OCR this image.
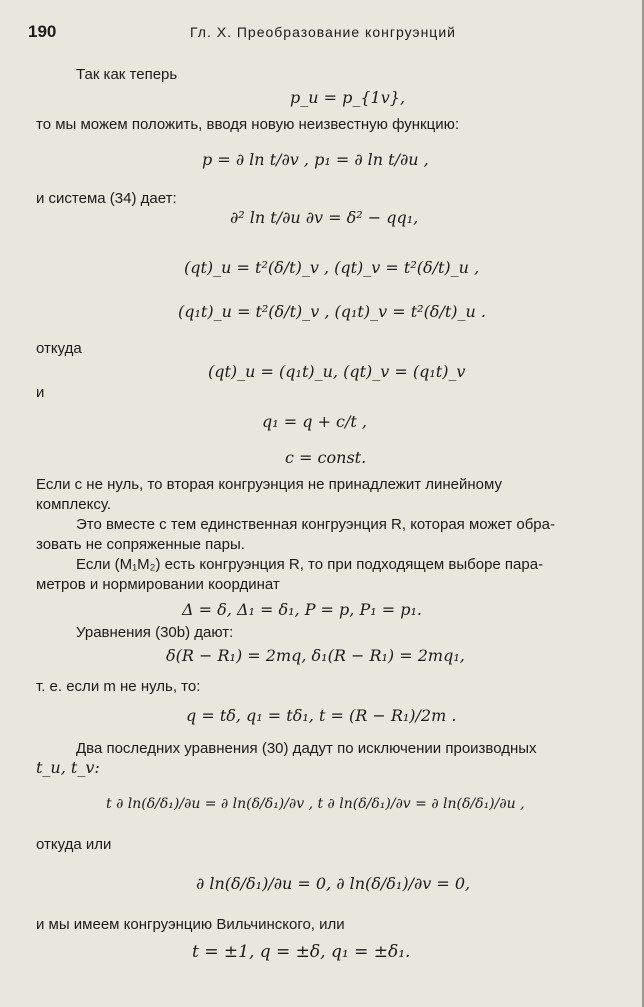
190	Гл. X. Преобразование конгруэнций
Так как теперь
p_u = p_{1v},
то мы можем положить, вводя новую неизвестную функцию:
p = ∂ ln t/∂v , p₁ = ∂ ln t/∂u ,
и система (34) дает:
∂² ln t/∂u ∂v = δ² − qq₁,
(qt)_u = t²(δ/t)_v , (qt)_v = t²(δ/t)_u ,
(q₁t)_u = t²(δ/t)_v , (q₁t)_v = t²(δ/t)_u .
откуда
(qt)_u = (q₁t)_u, (qt)_v = (q₁t)_v
и
q₁ = q + c/t ,
c = const.
Если c не нуль, то вторая конгруэнция не принадлежит линейному
комплексу.
Это вместе с тем единственная конгруэнция R, которая может обра-
зовать не сопряженные пары.
Если (M₁M₂) есть конгруэнция R, то при подходящем выборе пара-
метров и нормировании координат
Δ = δ, Δ₁ = δ₁, P = p, P₁ = p₁.
Уравнения (30b) дают:
δ(R − R₁) = 2mq, δ₁(R − R₁) = 2mq₁,
т. е. если m не нуль, то:
q = tδ, q₁ = tδ₁, t = (R − R₁)/2m .
Два последних уравнения (30) дадут по исключении производных
t_u, t_v:
t ∂ ln(δ/δ₁)/∂u = ∂ ln(δ/δ₁)/∂v , t ∂ ln(δ/δ₁)/∂v = ∂ ln(δ/δ₁)/∂u ,
откуда или
∂ ln(δ/δ₁)/∂u = 0, ∂ ln(δ/δ₁)/∂v = 0,
и мы имеем конгруэнцию Вильчинского, или
t = ±1, q = ±δ, q₁ = ±δ₁.
